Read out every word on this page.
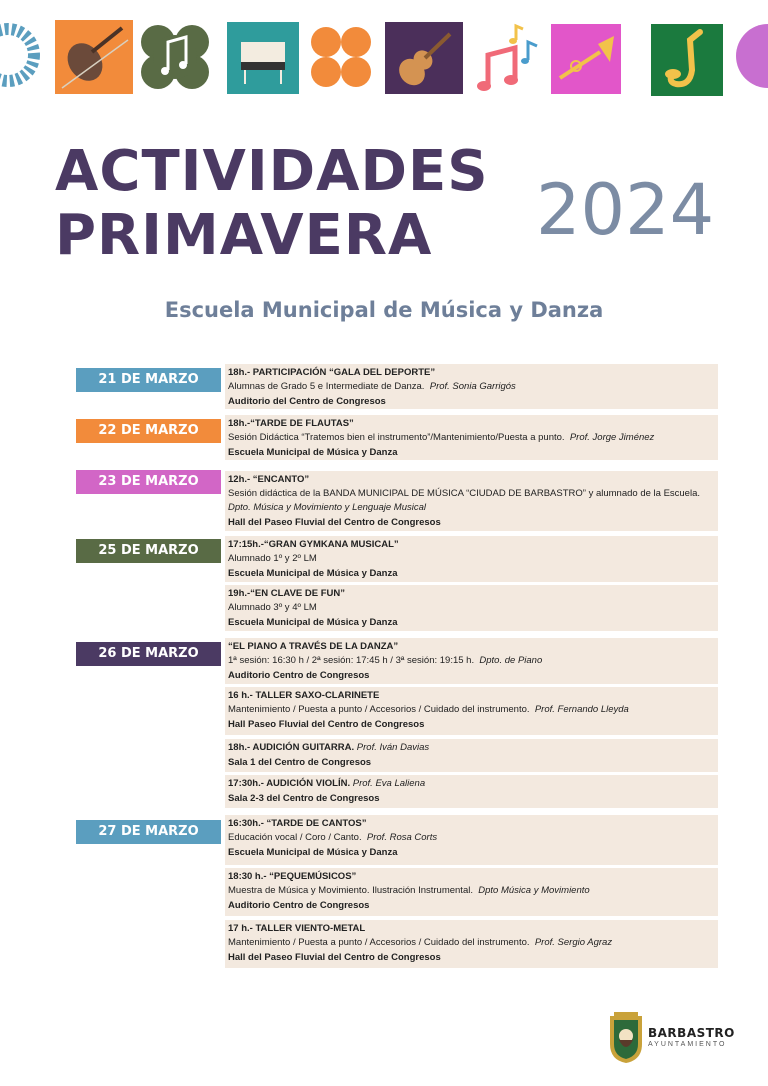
ACTIVIDADES
PRIMAVERA	2024
Escuela Municipal de Música y Danza
21 DE MARZO
22 DE MARZO
23 DE MARZO
25 DE MARZO
26 DE MARZO
27 DE MARZO
18h.- PARTICIPACIÓN “GALA DEL DEPORTE”
Alumnas de Grado 5 e Intermediate de Danza. Prof. Sonia Garrigós
Auditorio del Centro de Congresos
18h.-“TARDE DE FLAUTAS”
Sesión Didáctica “Tratemos bien el instrumento”/Mantenimiento/Puesta a punto. Prof. Jorge Jiménez
Escuela Municipal de Música y Danza
12h.- “ENCANTO”
Sesión didáctica de la BANDA MUNICIPAL DE MÚSICA “CIUDAD DE BARBASTRO” y alumnado de la Escuela.  Dpto. Música y Movimiento y Lenguaje Musical
Hall del Paseo Fluvial del Centro de Congresos
17:15h.-“GRAN GYMKANA MUSICAL”
Alumnado 1º y 2º LM
Escuela Municipal de Música y Danza
19h.-“EN CLAVE DE FUN”
Alumnado 3º y 4º LM
Escuela Municipal de Música y Danza
“EL PIANO A TRAVÉS DE LA DANZA”
1ª sesión: 16:30 h / 2ª sesión: 17:45 h / 3ª sesión: 19:15 h. Dpto. de Piano
Auditorio Centro de Congresos
16 h.- TALLER SAXO-CLARINETE
Mantenimiento / Puesta a punto / Accesorios / Cuidado del instrumento. Prof. Fernando Lleyda
Hall Paseo Fluvial del Centro de Congresos
18h.- AUDICIÓN GUITARRA. Prof. Iván Davias
Sala 1 del Centro de Congresos
17:30h.- AUDICIÓN VIOLÍN. Prof. Eva Laliena
Sala 2-3 del Centro de Congresos
16:30h.- “TARDE DE CANTOS”
Educación vocal / Coro / Canto. Prof. Rosa Corts
Escuela Municipal de Música y Danza
18:30 h.- “PEQUEMÚSICOS”
Muestra de Música y Movimiento. Ilustración Instrumental. Dpto Música y Movimiento
Auditorio Centro de Congresos
17 h.- TALLER VIENTO-METAL
Mantenimiento / Puesta a punto / Accesorios / Cuidado del instrumento. Prof. Sergio Agraz
Hall del Paseo Fluvial del Centro de Congresos
BARBASTRO
AYUNTAMIENTO
